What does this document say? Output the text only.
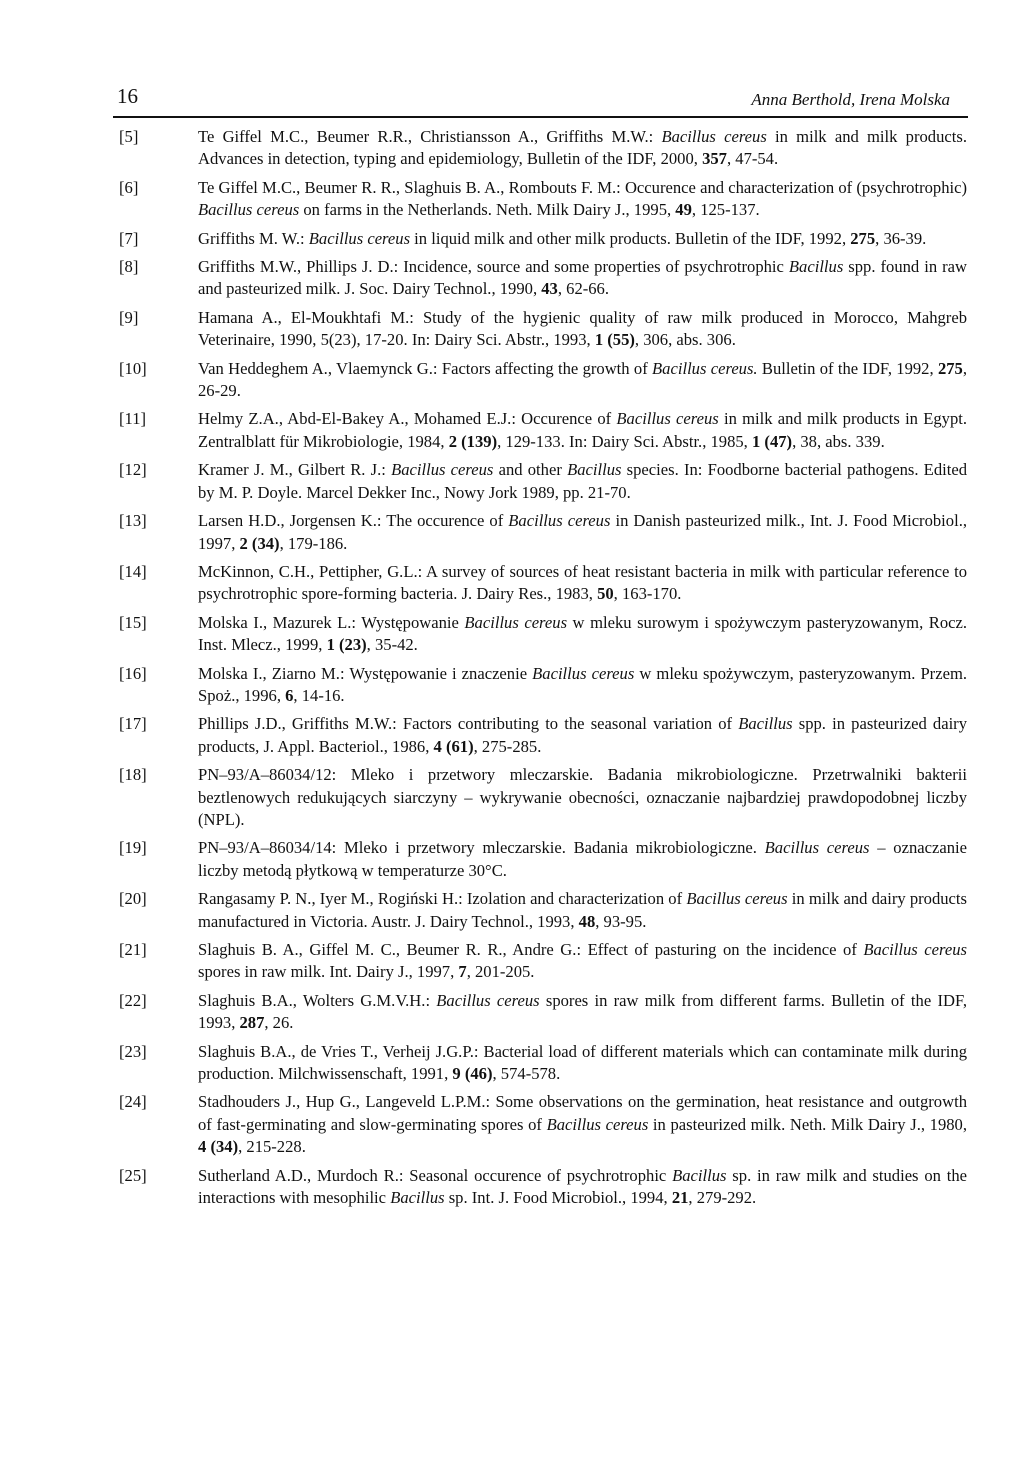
16	Anna Berthold, Irena Molska
[5]	Te Giffel M.C., Beumer R.R., Christiansson A., Griffiths M.W.: Bacillus cereus in milk and milk products. Advances in detection, typing and epidemiology, Bulletin of the IDF, 2000, 357, 47-54.
[6]	Te Giffel M.C., Beumer R. R., Slaghuis B. A., Rombouts F. M.: Occurence and characterization of (psychrotrophic) Bacillus cereus on farms in the Netherlands. Neth. Milk Dairy J., 1995, 49, 125-137.
[7]	Griffiths M. W.: Bacillus cereus in liquid milk and other milk products. Bulletin of the IDF, 1992, 275, 36-39.
[8]	Griffiths M.W., Phillips J. D.: Incidence, source and some properties of psychrotrophic Bacillus spp. found in raw and pasteurized milk. J. Soc. Dairy Technol., 1990, 43, 62-66.
[9]	Hamana A., El-Moukhtafi M.: Study of the hygienic quality of raw milk produced in Morocco, Mahgreb Veterinaire, 1990, 5(23), 17-20. In: Dairy Sci. Abstr., 1993, 1 (55), 306, abs. 306.
[10]	Van Heddeghem A., Vlaemynck G.: Factors affecting the growth of Bacillus cereus. Bulletin of the IDF, 1992, 275, 26-29.
[11]	Helmy Z.A., Abd-El-Bakey A., Mohamed E.J.: Occurence of Bacillus cereus in milk and milk products in Egypt. Zentralblatt für Mikrobiologie, 1984, 2 (139), 129-133. In: Dairy Sci. Abstr., 1985, 1 (47), 38, abs. 339.
[12]	Kramer J. M., Gilbert R. J.: Bacillus cereus and other Bacillus species. In: Foodborne bacterial pathogens. Edited by M. P. Doyle. Marcel Dekker Inc., Nowy Jork 1989, pp. 21-70.
[13]	Larsen H.D., Jorgensen K.: The occurence of Bacillus cereus in Danish pasteurized milk., Int. J. Food Microbiol., 1997, 2 (34), 179-186.
[14]	McKinnon, C.H., Pettipher, G.L.: A survey of sources of heat resistant bacteria in milk with particular reference to psychrotrophic spore-forming bacteria. J. Dairy Res., 1983, 50, 163-170.
[15]	Molska I., Mazurek L.: Występowanie Bacillus cereus w mleku surowym i spożywczym pasteryzowanym, Rocz. Inst. Mlecz., 1999, 1 (23), 35-42.
[16]	Molska I., Ziarno M.: Występowanie i znaczenie Bacillus cereus w mleku spożywczym, pasteryzowanym. Przem. Spoż., 1996, 6, 14-16.
[17]	Phillips J.D., Griffiths M.W.: Factors contributing to the seasonal variation of Bacillus spp. in pasteurized dairy products, J. Appl. Bacteriol., 1986, 4 (61), 275-285.
[18]	PN–93/A–86034/12: Mleko i przetwory mleczarskie. Badania mikrobiologiczne. Przetrwalniki bakterii beztlenowych redukujących siarczyny – wykrywanie obecności, oznaczanie najbardziej prawdopodobnej liczby (NPL).
[19]	PN–93/A–86034/14: Mleko i przetwory mleczarskie. Badania mikrobiologiczne. Bacillus cereus – oznaczanie liczby metodą płytkową w temperaturze 30°C.
[20]	Rangasamy P. N., Iyer M., Rogiński H.: Izolation and characterization of Bacillus cereus in milk and dairy products manufactured in Victoria. Austr. J. Dairy Technol., 1993, 48, 93-95.
[21]	Slaghuis B. A., Giffel M. C., Beumer R. R., Andre G.: Effect of pasturing on the incidence of Bacillus cereus spores in raw milk. Int. Dairy J., 1997, 7, 201-205.
[22]	Slaghuis B.A., Wolters G.M.V.H.: Bacillus cereus spores in raw milk from different farms. Bulletin of the IDF, 1993, 287, 26.
[23]	Slaghuis B.A., de Vries T., Verheij J.G.P.: Bacterial load of different materials which can contaminate milk during production. Milchwissenschaft, 1991, 9 (46), 574-578.
[24]	Stadhouders J., Hup G., Langeveld L.P.M.: Some observations on the germination, heat resistance and outgrowth of fast-germinating and slow-germinating spores of Bacillus cereus in pasteurized milk. Neth. Milk Dairy J., 1980, 4 (34), 215-228.
[25]	Sutherland A.D., Murdoch R.: Seasonal occurence of psychrotrophic Bacillus sp. in raw milk and studies on the interactions with mesophilic Bacillus sp. Int. J. Food Microbiol., 1994, 21, 279-292.
